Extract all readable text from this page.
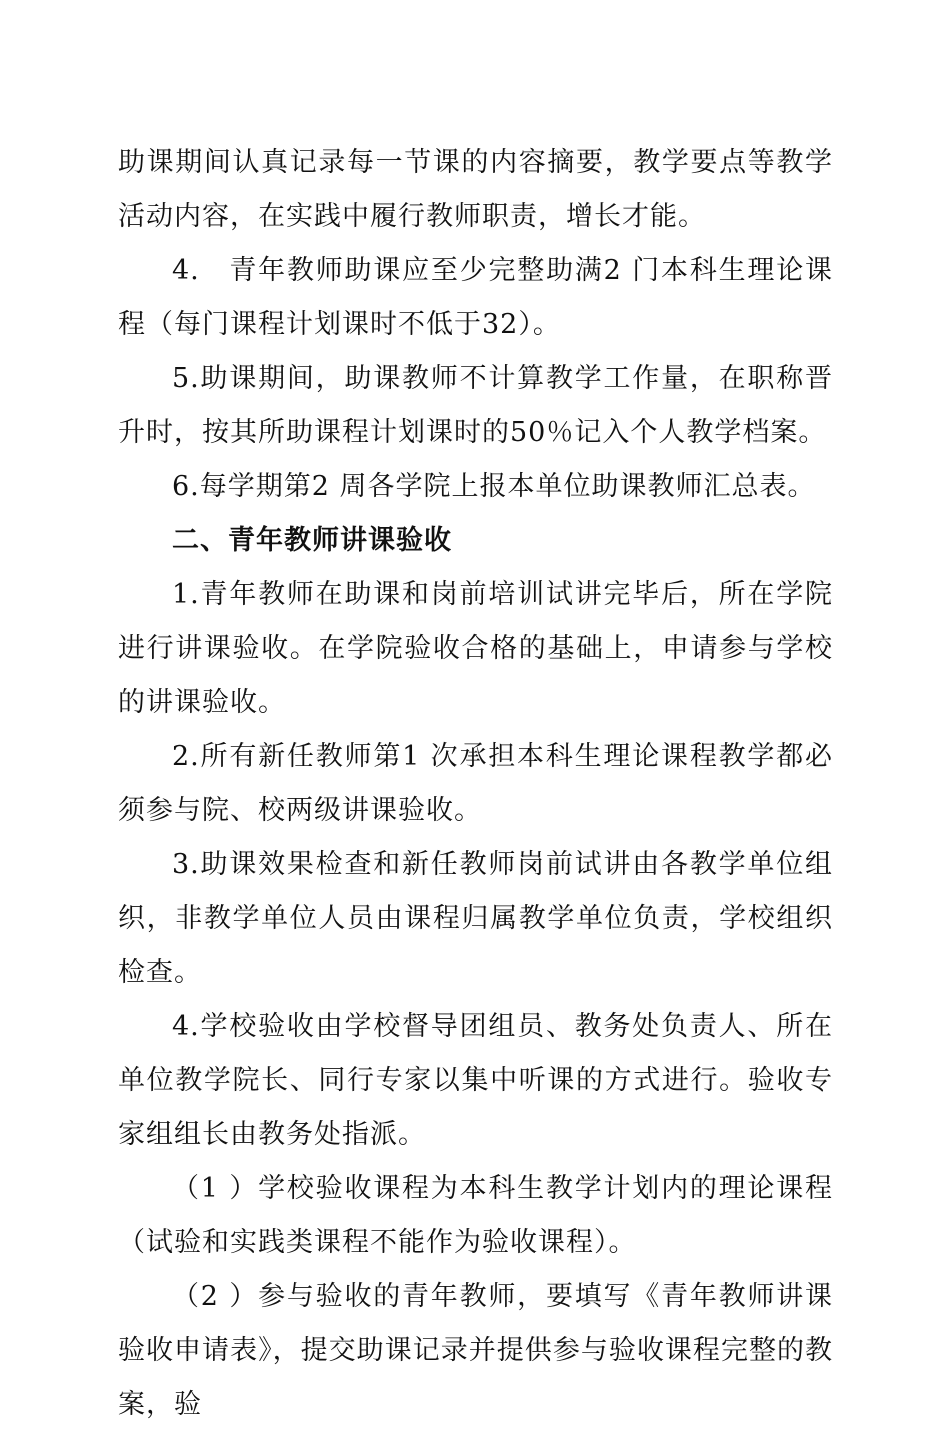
助课期间认真记录每一节课的内容摘要，教学要点等教学活动内容，在实践中履行教师职责，增长才能。

4.　青年教师助课应至少完整助满2 门本科生理论课程（每门课程计划课时不低于32）。

5.助课期间，助课教师不计算教学工作量，在职称晋升时，按其所助课程计划课时的50％记入个人教学档案。

6.每学期第2 周各学院上报本单位助课教师汇总表。

二、青年教师讲课验收

1.青年教师在助课和岗前培训试讲完毕后，所在学院进行讲课验收。在学院验收合格的基础上，申请参与学校的讲课验收。

2.所有新任教师第1 次承担本科生理论课程教学都必须参与院、校两级讲课验收。

3.助课效果检查和新任教师岗前试讲由各教学单位组织，非教学单位人员由课程归属教学单位负责，学校组织检查。

4.学校验收由学校督导团组员、教务处负责人、所在单位教学院长、同行专家以集中听课的方式进行。验收专家组组长由教务处指派。

（1 ）学校验收课程为本科生教学计划内的理论课程（试验和实践类课程不能作为验收课程）。

（2 ）参与验收的青年教师，要填写《青年教师讲课验收申请表》，提交助课记录并提供参与验收课程完整的教案，验
